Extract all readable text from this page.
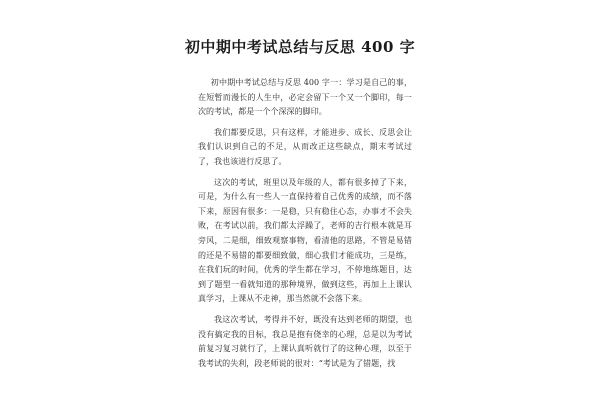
初中期中考试总结与反思 400 字

初中期中考试总结与反思 400 字一：学习是自己的事，在短暂而漫长的人生中，必定会留下一个又一个脚印，每一次的考试，都是一个个深深的脚印。

我们都要反思，只有这样，才能进步、成长、反思会让我们认识到自己的不足，从而改正这些缺点，期末考试过了，我也该进行反思了。

这次的考试，班里以及年级的人，都有很多掉了下来，可是，为什么有一些人一直保持着自己优秀的成绩，而不落下来，原因有很多：一是稳，只有稳住心态，办事才不会失败，在考试以前，我们都太浮躁了，老师的吉行根本就是耳旁风，二是细，细致观察事物，看清他的思路，不管是易错的还是不易错的都要细致做，细心我们才能成功，三是练，在我们玩的时间，优秀的学生都在学习，不停地练题目，达到了题型一看就知道的那种境界，做到这些，再加上上课认真学习，上课从不走神，那当然就不会落下来。

我这次考试，考得并不好，既没有达到老师的期望，也没有搞定我的目标，我总是抱有侥幸的心理，总是以为考试前复习复习就行了，上课认真听就行了的这种心理，以至于我考试的失利，段老师说的很对：“考试是为了错题，找
